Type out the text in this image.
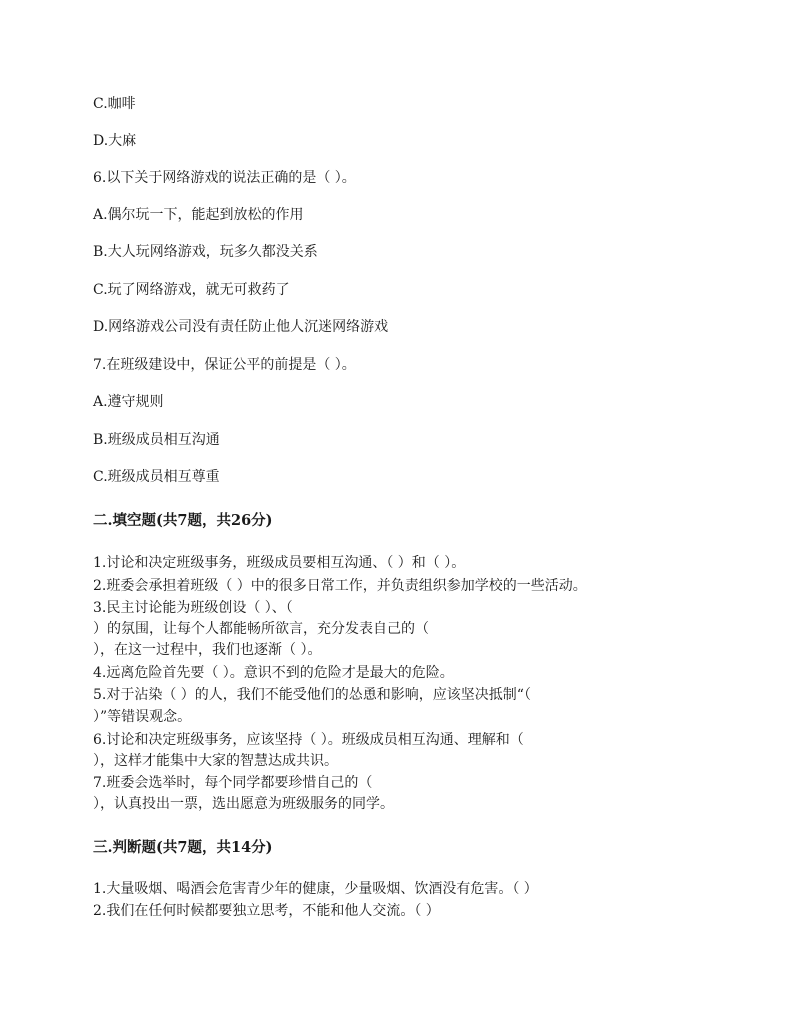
C.咖啡
D.大麻
6.以下关于网络游戏的说法正确的是（ ）。
A.偶尔玩一下，能起到放松的作用
B.大人玩网络游戏，玩多久都没关系
C.玩了网络游戏，就无可救药了
D.网络游戏公司没有责任防止他人沉迷网络游戏
7.在班级建设中，保证公平的前提是（ ）。
A.遵守规则
B.班级成员相互沟通
C.班级成员相互尊重
二.填空题(共7题，共26分)
1.讨论和决定班级事务，班级成员要相互沟通、（ ）和（ ）。
2.班委会承担着班级（ ）中的很多日常工作，并负责组织参加学校的一些活动。
3.民主讨论能为班级创设（ ）、（
）的氛围，让每个人都能畅所欲言，充分发表自己的（
），在这一过程中，我们也逐渐（ ）。
4.远离危险首先要（ ）。意识不到的危险才是最大的危险。
5.对于沾染（ ）的人，我们不能受他们的怂恿和影响，应该坚决抵制“（
）”等错误观念。
6.讨论和决定班级事务，应该坚持（ ）。班级成员相互沟通、理解和（
），这样才能集中大家的智慧达成共识。
7.班委会选举时，每个同学都要珍惜自己的（
），认真投出一票，选出愿意为班级服务的同学。
三.判断题(共7题，共14分)
1.大量吸烟、喝酒会危害青少年的健康，少量吸烟、饮酒没有危害。（ ）
2.我们在任何时候都要独立思考，不能和他人交流。（ ）
